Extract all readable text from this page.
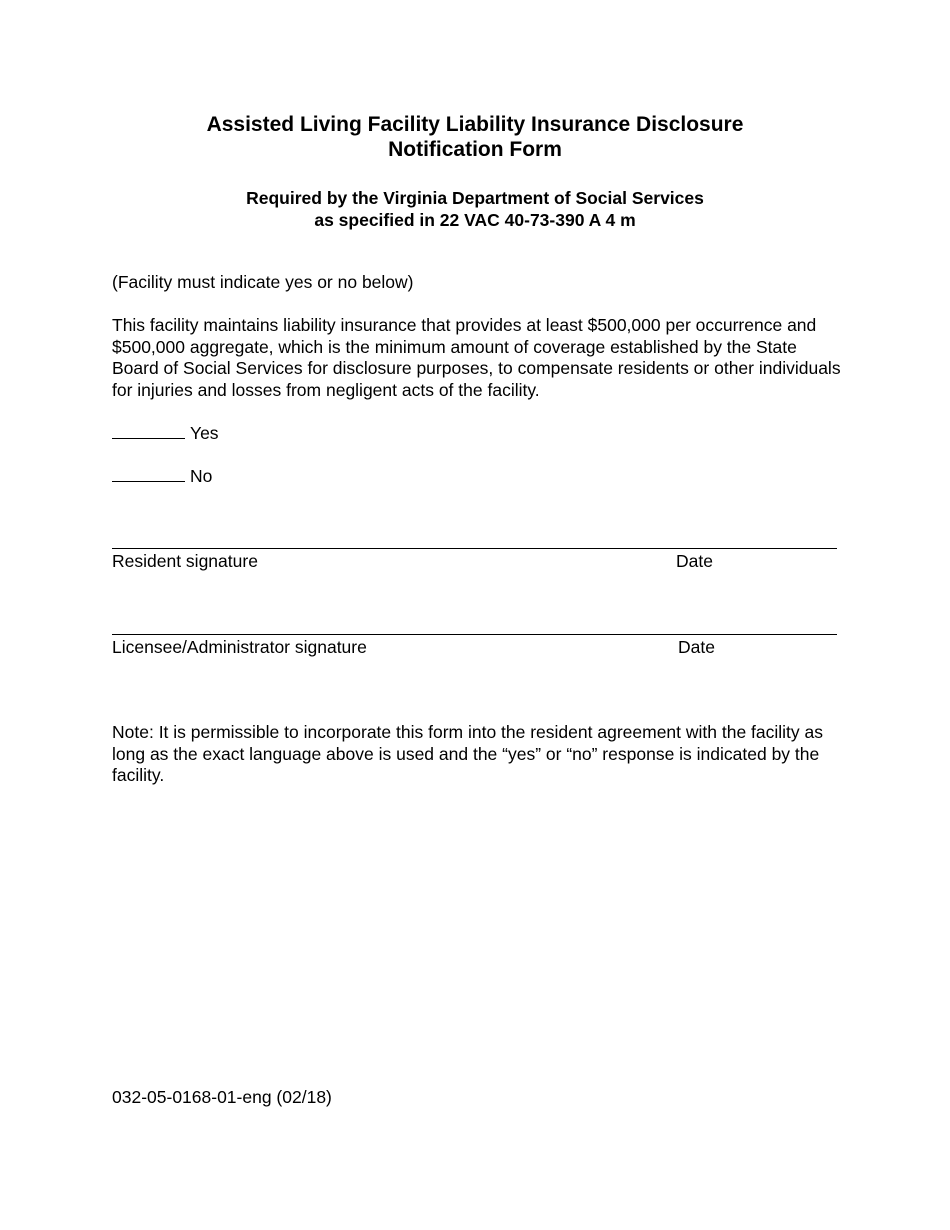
Assisted Living Facility Liability Insurance Disclosure
Notification Form
Required by the Virginia Department of Social Services
as specified in 22 VAC 40-73-390 A 4 m
(Facility must indicate yes or no below)
This facility maintains liability insurance that provides at least $500,000 per occurrence and $500,000 aggregate, which is the minimum amount of coverage established by the State Board of Social Services for disclosure purposes, to compensate residents or other individuals for injuries and losses from negligent acts of the facility.
Yes
No
Resident signature	Date
Licensee/Administrator signature	Date
Note: It is permissible to incorporate this form into the resident agreement with the facility as long as the exact language above is used and the “yes” or “no” response is indicated by the facility.
032-05-0168-01-eng (02/18)
